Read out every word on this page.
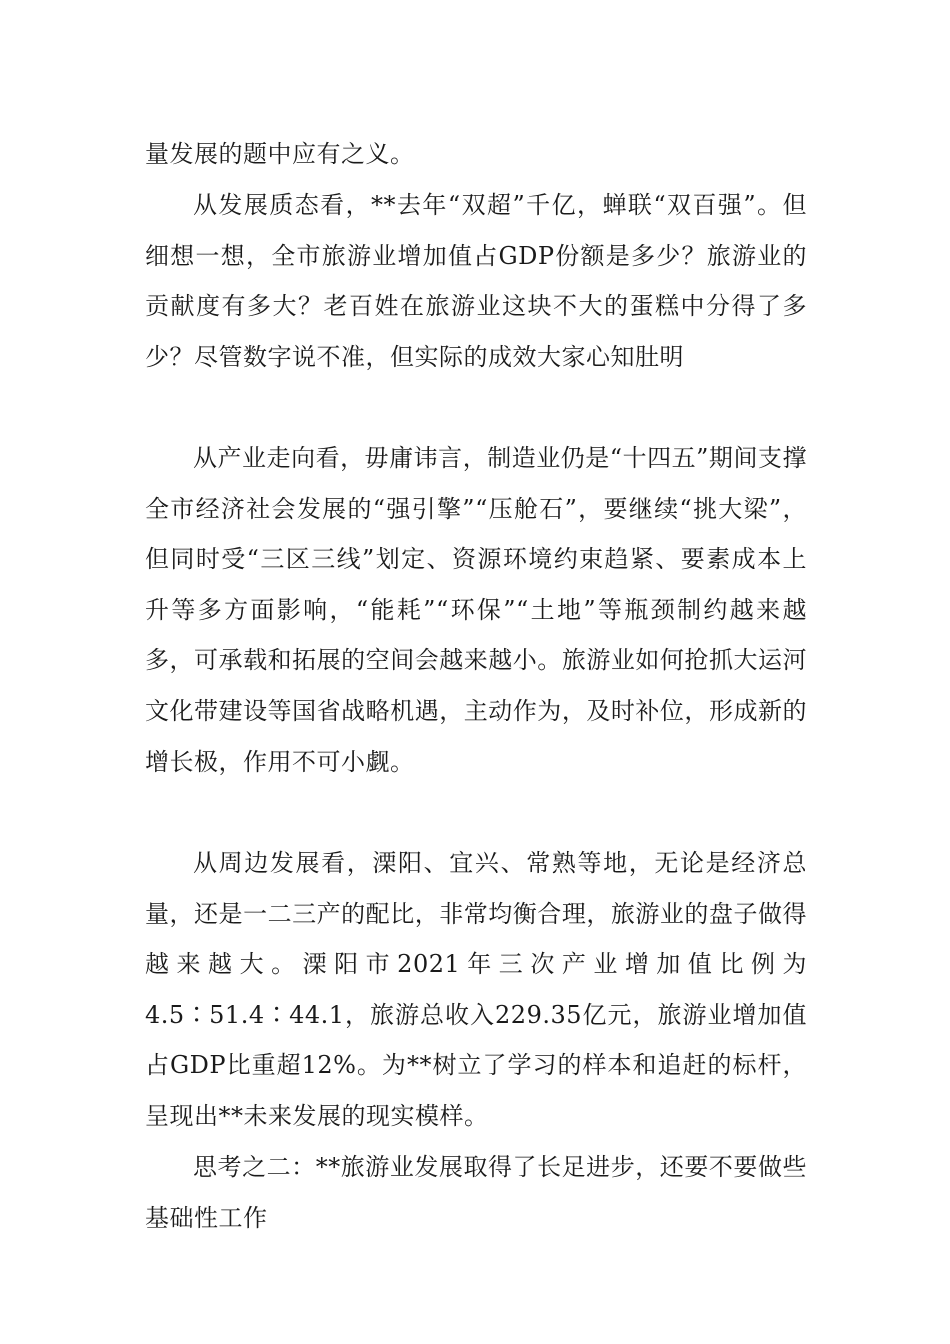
量发展的题中应有之义。

从发展质态看，**去年“双超”千亿，蝉联“双百强”。但细想一想，全市旅游业增加值占GDP份额是多少？旅游业的贡献度有多大？老百姓在旅游业这块不大的蛋糕中分得了多少？尽管数字说不准，但实际的成效大家心知肚明

从产业走向看，毋庸讳言，制造业仍是“十四五”期间支撑全市经济社会发展的“强引擎”“压舱石”，要继续“挑大梁”，但同时受“三区三线”划定、资源环境约束趋紧、要素成本上升等多方面影响，“能耗”“环保”“土地”等瓶颈制约越来越多，可承载和拓展的空间会越来越小。旅游业如何抢抓大运河文化带建设等国省战略机遇，主动作为，及时补位，形成新的增长极，作用不可小觑。

从周边发展看，溧阳、宜兴、常熟等地，无论是经济总量，还是一二三产的配比，非常均衡合理，旅游业的盘子做得越来越大。溧阳市2021年三次产业增加值比例为4.5∶51.4∶44.1，旅游总收入229.35亿元，旅游业增加值占GDP比重超12%。为**树立了学习的样本和追赶的标杆，呈现出**未来发展的现实模样。

思考之二：**旅游业发展取得了长足进步，还要不要做些基础性工作
